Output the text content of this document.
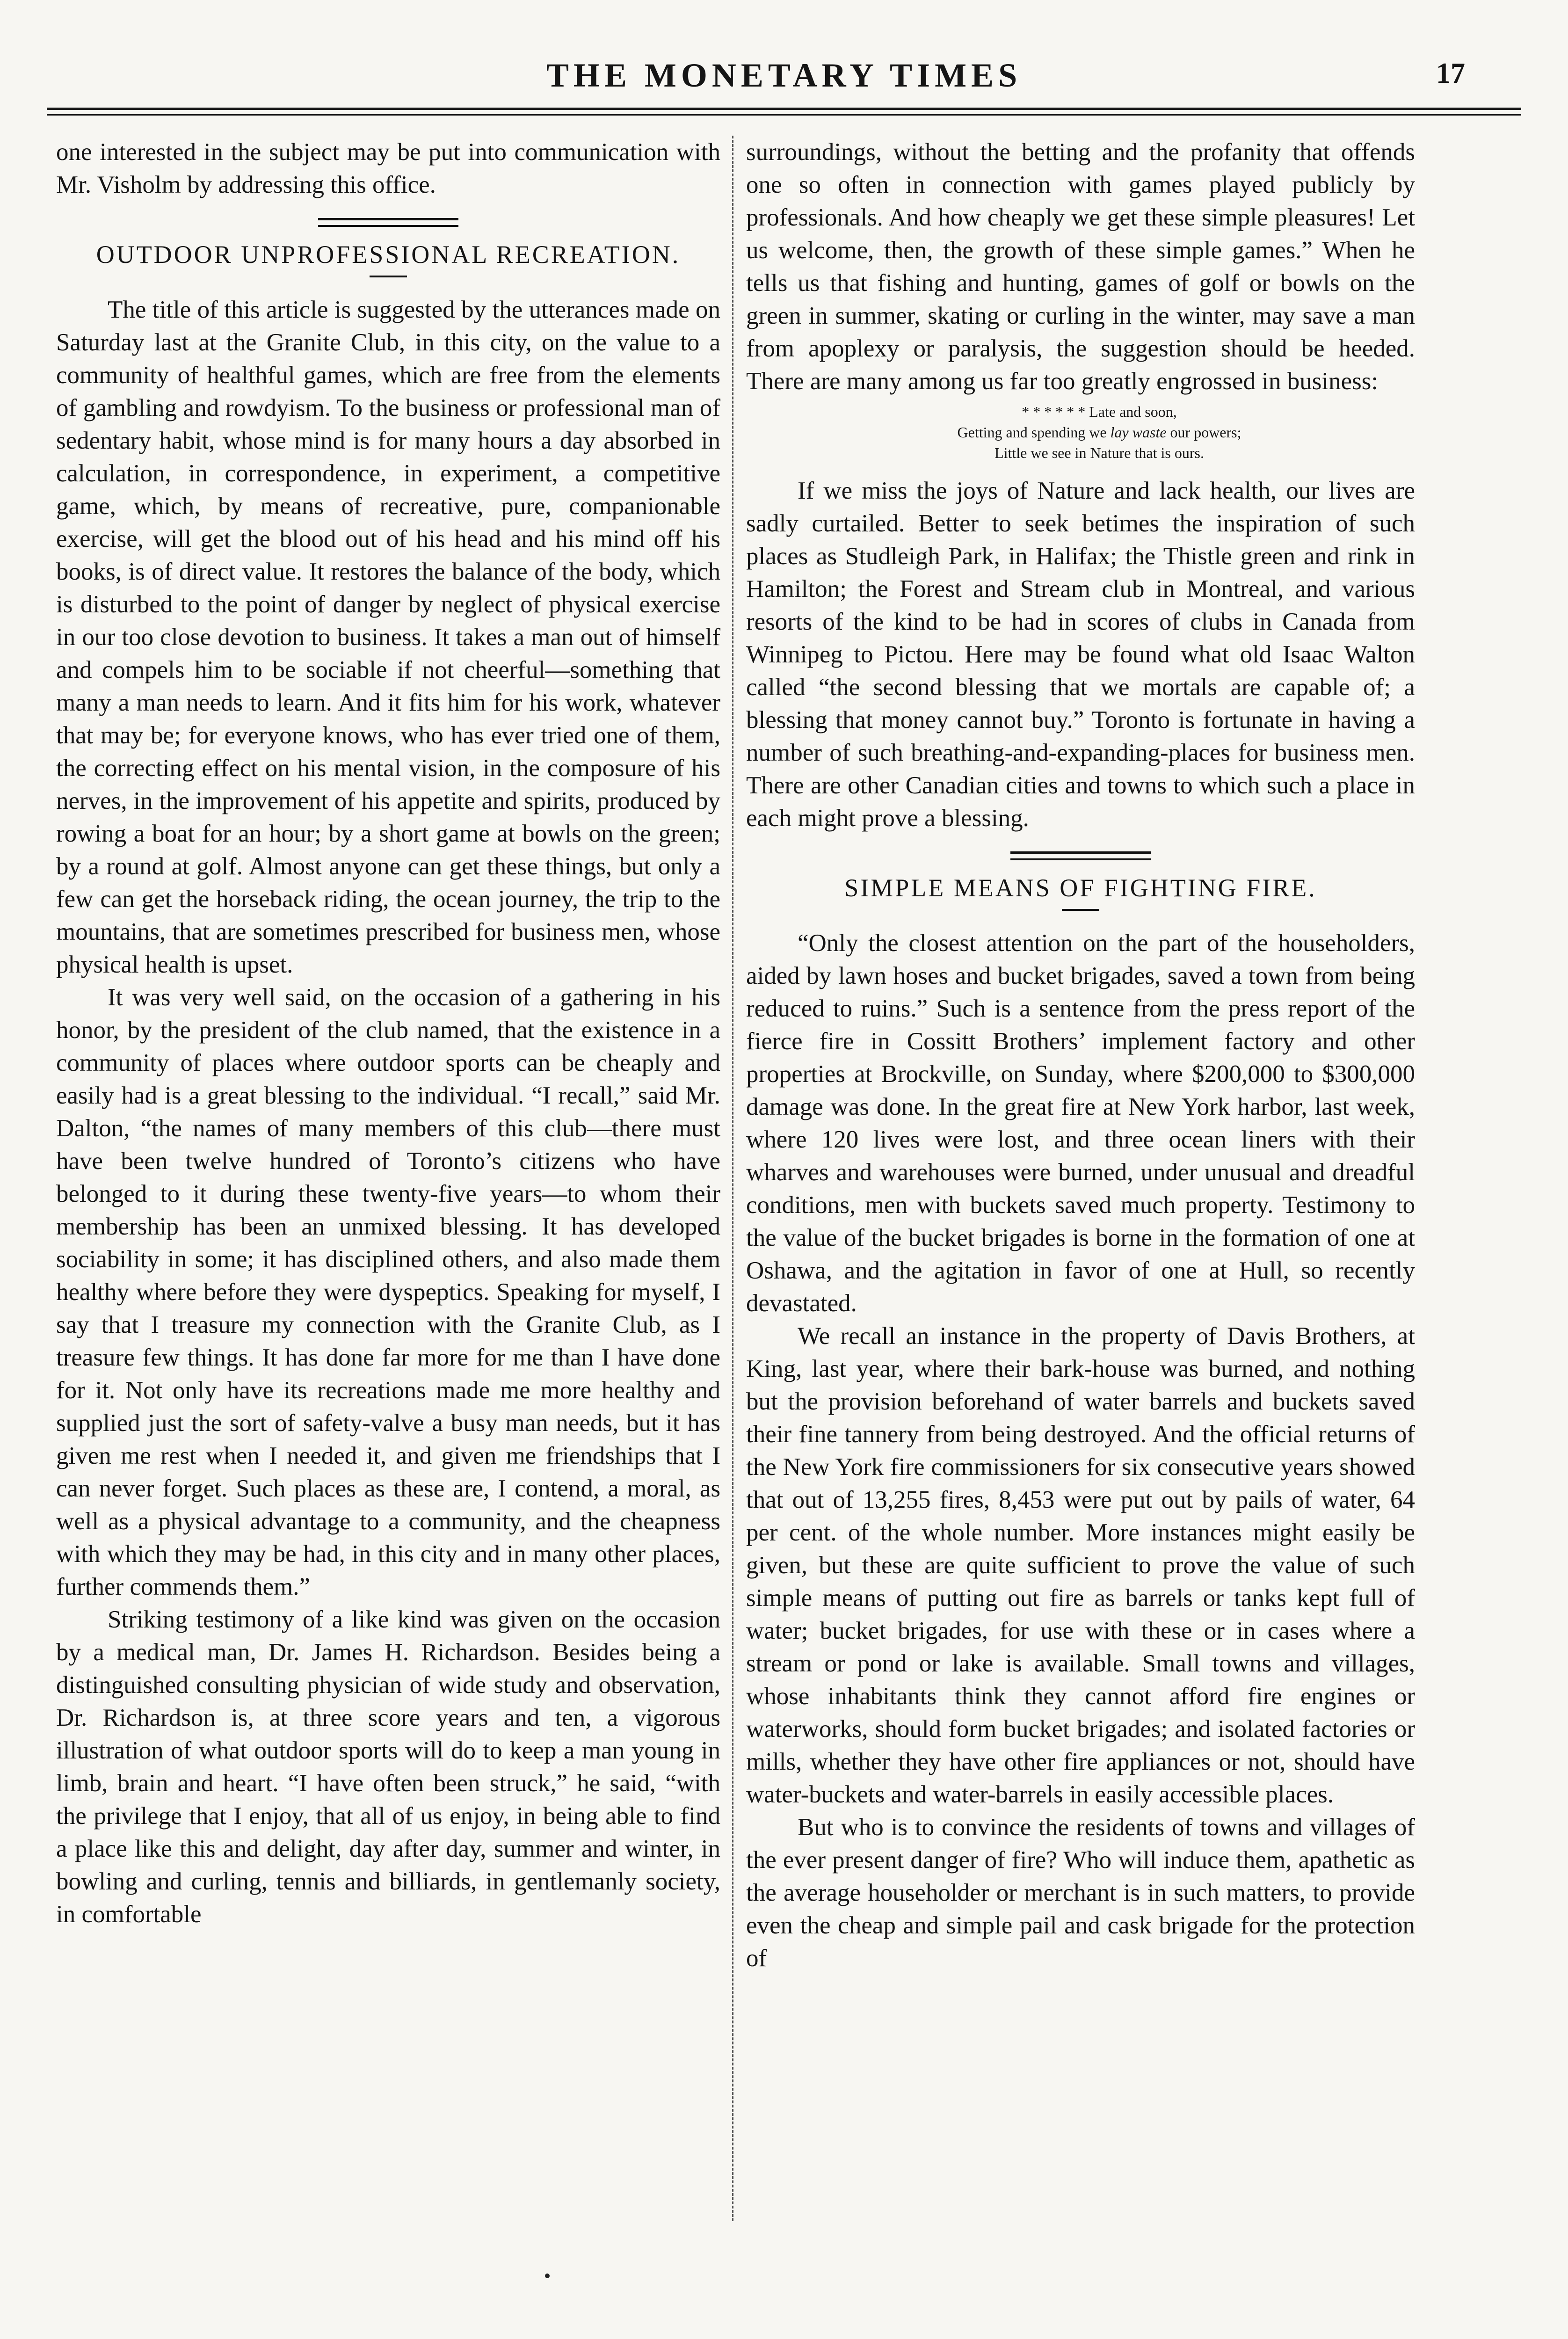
THE MONETARY TIMES	17

one interested in the subject may be put into communication with Mr. Visholm by addressing this office.

OUTDOOR UNPROFESSIONAL RECREATION.

The title of this article is suggested by the utterances made on Saturday last at the Granite Club, in this city, on the value to a community of healthful games, which are free from the elements of gambling and rowdyism. To the business or professional man of sedentary habit, whose mind is for many hours a day absorbed in calculation, in correspondence, in experiment, a competitive game, which, by means of recreative, pure, companionable exercise, will get the blood out of his head and his mind off his books, is of direct value. It restores the balance of the body, which is disturbed to the point of danger by neglect of physical exercise in our too close devotion to business. It takes a man out of himself and compels him to be sociable if not cheerful—something that many a man needs to learn. And it fits him for his work, whatever that may be; for everyone knows, who has ever tried one of them, the correcting effect on his mental vision, in the composure of his nerves, in the improvement of his appetite and spirits, produced by rowing a boat for an hour; by a short game at bowls on the green; by a round at golf. Almost anyone can get these things, but only a few can get the horseback riding, the ocean journey, the trip to the mountains, that are sometimes prescribed for business men, whose physical health is upset.

It was very well said, on the occasion of a gathering in his honor, by the president of the club named, that the existence in a community of places where outdoor sports can be cheaply and easily had is a great blessing to the individual. “I recall,” said Mr. Dalton, “the names of many members of this club—there must have been twelve hundred of Toronto’s citizens who have belonged to it during these twenty-five years—to whom their membership has been an unmixed blessing. It has developed sociability in some; it has disciplined others, and also made them healthy where before they were dyspeptics. Speaking for myself, I say that I treasure my connection with the Granite Club, as I treasure few things. It has done far more for me than I have done for it. Not only have its recreations made me more healthy and supplied just the sort of safety-valve a busy man needs, but it has given me rest when I needed it, and given me friendships that I can never forget. Such places as these are, I contend, a moral, as well as a physical advantage to a community, and the cheapness with which they may be had, in this city and in many other places, further commends them.”

Striking testimony of a like kind was given on the occasion by a medical man, Dr. James H. Richardson. Besides being a distinguished consulting physician of wide study and observation, Dr. Richardson is, at three score years and ten, a vigorous illustration of what outdoor sports will do to keep a man young in limb, brain and heart. “I have often been struck,” he said, “with the privilege that I enjoy, that all of us enjoy, in being able to find a place like this and delight, day after day, summer and winter, in bowling and curling, tennis and billiards, in gentlemanly society, in comfortable

surroundings, without the betting and the profanity that offends one so often in connection with games played publicly by professionals. And how cheaply we get these simple pleasures! Let us welcome, then, the growth of these simple games.” When he tells us that fishing and hunting, games of golf or bowls on the green in summer, skating or curling in the winter, may save a man from apoplexy or paralysis, the suggestion should be heeded. There are many among us far too greatly engrossed in business:

* * * * * * Late and soon,
Getting and spending we lay waste our powers;
Little we see in Nature that is ours.

If we miss the joys of Nature and lack health, our lives are sadly curtailed. Better to seek betimes the inspiration of such places as Studleigh Park, in Halifax; the Thistle green and rink in Hamilton; the Forest and Stream club in Montreal, and various resorts of the kind to be had in scores of clubs in Canada from Winnipeg to Pictou. Here may be found what old Isaac Walton called “the second blessing that we mortals are capable of; a blessing that money cannot buy.” Toronto is fortunate in having a number of such breathing-and-expanding-places for business men. There are other Canadian cities and towns to which such a place in each might prove a blessing.

SIMPLE MEANS OF FIGHTING FIRE.

“Only the closest attention on the part of the householders, aided by lawn hoses and bucket brigades, saved a town from being reduced to ruins.” Such is a sentence from the press report of the fierce fire in Cossitt Brothers’ implement factory and other properties at Brockville, on Sunday, where $200,000 to $300,000 damage was done. In the great fire at New York harbor, last week, where 120 lives were lost, and three ocean liners with their wharves and warehouses were burned, under unusual and dreadful conditions, men with buckets saved much property. Testimony to the value of the bucket brigades is borne in the formation of one at Oshawa, and the agitation in favor of one at Hull, so recently devastated.

We recall an instance in the property of Davis Brothers, at King, last year, where their bark-house was burned, and nothing but the provision beforehand of water barrels and buckets saved their fine tannery from being destroyed. And the official returns of the New York fire commissioners for six consecutive years showed that out of 13,255 fires, 8,453 were put out by pails of water, 64 per cent. of the whole number. More instances might easily be given, but these are quite sufficient to prove the value of such simple means of putting out fire as barrels or tanks kept full of water; bucket brigades, for use with these or in cases where a stream or pond or lake is available. Small towns and villages, whose inhabitants think they cannot afford fire engines or waterworks, should form bucket brigades; and isolated factories or mills, whether they have other fire appliances or not, should have water-buckets and water-barrels in easily accessible places.

But who is to convince the residents of towns and villages of the ever present danger of fire? Who will induce them, apathetic as the average householder or merchant is in such matters, to provide even the cheap and simple pail and cask brigade for the protection of
